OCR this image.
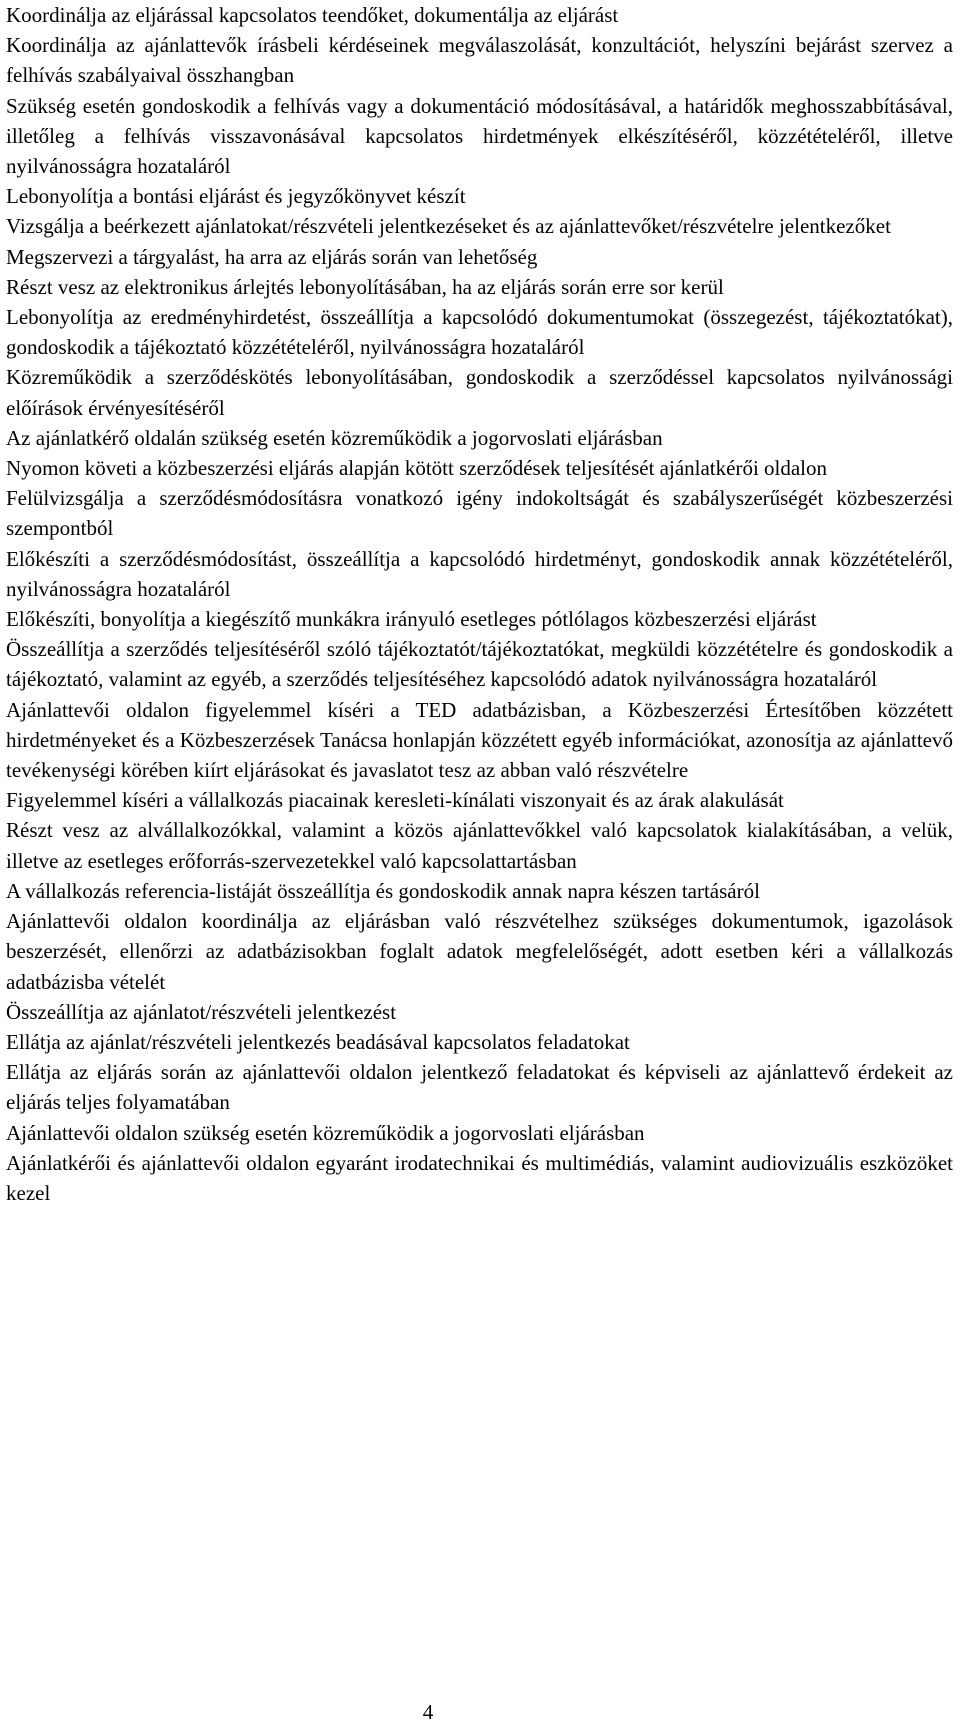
Koordinálja az eljárással kapcsolatos teendőket, dokumentálja az eljárást

Koordinálja az ajánlattevők írásbeli kérdéseinek megválaszolását, konzultációt, helyszíni bejárást szervez a felhívás szabályaival összhangban

Szükség esetén gondoskodik a felhívás vagy a dokumentáció módosításával, a határidők meghosszabbításával, illetőleg a felhívás visszavonásával kapcsolatos hirdetmények elkészítéséről, közzétételéről, illetve nyilvánosságra hozataláról

Lebonyolítja a bontási eljárást és jegyzőkönyvet készít

Vizsgálja a beérkezett ajánlatokat/részvételi jelentkezéseket és az ajánlattevőket/részvételre jelentkezőket

Megszervezi a tárgyalást, ha arra az eljárás során van lehetőség

Részt vesz az elektronikus árlejtés lebonyolításában, ha az eljárás során erre sor kerül

Lebonyolítja az eredményhirdetést, összeállítja a kapcsolódó dokumentumokat (összegezést, tájékoztatókat), gondoskodik a tájékoztató közzétételéről, nyilvánosságra hozataláról

Közreműködik a szerződéskötés lebonyolításában, gondoskodik a szerződéssel kapcsolatos nyilvánossági előírások érvényesítéséről

Az ajánlatkérő oldalán szükség esetén közreműködik a jogorvoslati eljárásban

Nyomon követi a közbeszerzési eljárás alapján kötött szerződések teljesítését ajánlatkérői oldalon

Felülvizsgálja a szerződésmódosításra vonatkozó igény indokoltságát és szabályszerűségét közbeszerzési szempontból

Előkészíti a szerződésmódosítást, összeállítja a kapcsolódó hirdetményt, gondoskodik annak közzétételéről, nyilvánosságra hozataláról

Előkészíti, bonyolítja a kiegészítő munkákra irányuló esetleges pótlólagos közbeszerzési eljárást

Összeállítja a szerződés teljesítéséről szóló tájékoztatót/tájékoztatókat, megküldi közzétételre és gondoskodik a tájékoztató, valamint az egyéb, a szerződés teljesítéséhez kapcsolódó adatok nyilvánosságra hozataláról

Ajánlattevői oldalon figyelemmel kíséri a TED adatbázisban, a Közbeszerzési Értesítőben közzétett hirdetményeket és a Közbeszerzések Tanácsa honlapján közzétett egyéb információkat, azonosítja az ajánlattevő tevékenységi körében kiírt eljárásokat és javaslatot tesz az abban való részvételre

Figyelemmel kíséri a vállalkozás piacainak keresleti-kínálati viszonyait és az árak alakulását

Részt vesz az alvállalkozókkal, valamint a közös ajánlattevőkkel való kapcsolatok kialakításában, a velük, illetve az esetleges erőforrás-szervezetekkel való kapcsolattartásban

A vállalkozás referencia-listáját összeállítja és gondoskodik annak napra készen tartásáról

Ajánlattevői oldalon koordinálja az eljárásban való részvételhez szükséges dokumentumok, igazolások beszerzését, ellenőrzi az adatbázisokban foglalt adatok megfelelőségét, adott esetben kéri a vállalkozás adatbázisba vételét

Összeállítja az ajánlatot/részvételi jelentkezést

Ellátja az ajánlat/részvételi jelentkezés beadásával kapcsolatos feladatokat

Ellátja az eljárás során az ajánlattevői oldalon jelentkező feladatokat és képviseli az ajánlattevő érdekeit az eljárás teljes folyamatában

Ajánlattevői oldalon szükség esetén közreműködik a jogorvoslati eljárásban

Ajánlatkérői és ajánlattevői oldalon egyaránt irodatechnikai és multimédiás, valamint audiovizuális eszközöket kezel

4
